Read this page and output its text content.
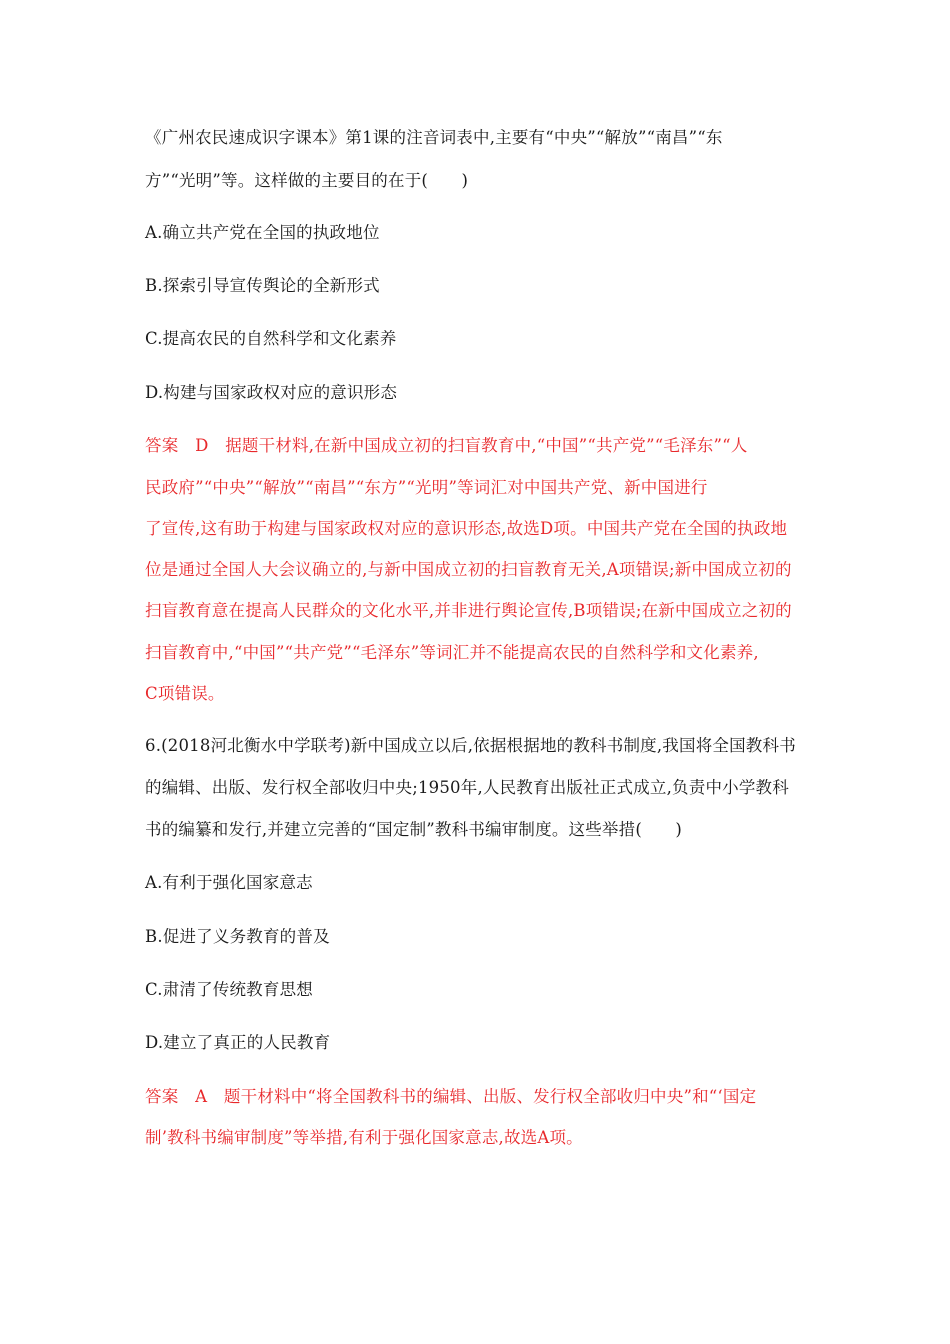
《广州农民速成识字课本》第1课的注音词表中,主要有“中央”“解放”“南昌”“东
方”“光明”等。这样做的主要目的在于(　　)
A.确立共产党在全国的执政地位
B.探索引导宣传舆论的全新形式
C.提高农民的自然科学和文化素养
D.构建与国家政权对应的意识形态
答案　D　据题干材料,在新中国成立初的扫盲教育中,“中国”“共产党”“毛泽东”“人
民政府”“中央”“解放”“南昌”“东方”“光明”等词汇对中国共产党、新中国进行
了宣传,这有助于构建与国家政权对应的意识形态,故选D项。中国共产党在全国的执政地
位是通过全国人大会议确立的,与新中国成立初的扫盲教育无关,A项错误;新中国成立初的
扫盲教育意在提高人民群众的文化水平,并非进行舆论宣传,B项错误;在新中国成立之初的
扫盲教育中,“中国”“共产党”“毛泽东”等词汇并不能提高农民的自然科学和文化素养,
C项错误。
6.(2018河北衡水中学联考)新中国成立以后,依据根据地的教科书制度,我国将全国教科书
的编辑、出版、发行权全部收归中央;1950年,人民教育出版社正式成立,负责中小学教科
书的编纂和发行,并建立完善的“国定制”教科书编审制度。这些举措(　　)
A.有利于强化国家意志
B.促进了义务教育的普及
C.肃清了传统教育思想
D.建立了真正的人民教育
答案　A　题干材料中“将全国教科书的编辑、出版、发行权全部收归中央”和“‘国定
制’教科书编审制度”等举措,有利于强化国家意志,故选A项。
